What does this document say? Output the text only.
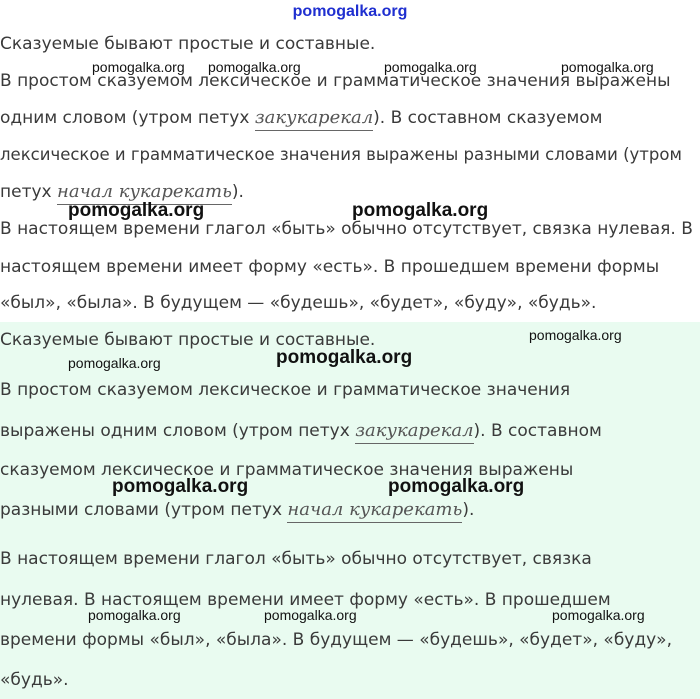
pomogalka.org
Сказуемые бывают простые и составные.
В простом сказуемом лексическое и грамматическое значения выражены
одним словом (утром петух закукарекал). В составном сказуемом
лексическое и грамматическое значения выражены разными словами (утром
петух начал кукарекать).
В настоящем времени глагол «быть» обычно отсутствует, связка нулевая. В
настоящем времени имеет форму «есть». В прошедшем времени формы
«был», «была». В будущем — «будешь», «будет», «буду», «будь».
Сказуемые бывают простые и составные.
В простом сказуемом лексическое и грамматическое значения
выражены одним словом (утром петух закукарекал). В составном
сказуемом лексическое и грамматическое значения выражены
разными словами (утром петух начал кукарекать).
В настоящем времени глагол «быть» обычно отсутствует, связка
нулевая. В настоящем времени имеет форму «есть». В прошедшем
времени формы «был», «была». В будущем — «будешь», «будет», «буду»,
«будь».
pomogalka.org pomogalka.org	pomogalka.org	pomogalka.org
pomogalka.org	pomogalka.org
pomogalka.org
pomogalka.org	pomogalka.org
pomogalka.org	pomogalka.org
pomogalka.org	pomogalka.org	pomogalka.org
